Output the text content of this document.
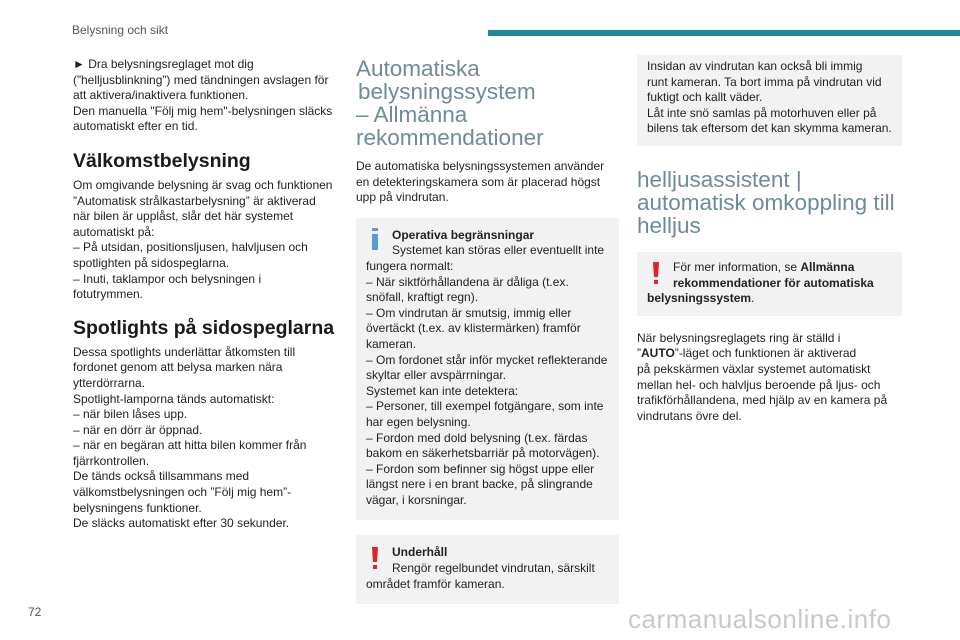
Belysning och sikt

► Dra belysningsreglaget mot dig
(”helljusblinkning”) med tändningen avslagen för
att aktivera/inaktivera funktionen.
Den manuella "Följ mig hem"-belysningen släcks
automatiskt efter en tid.

Välkomstbelysning

Om omgivande belysning är svag och funktionen
”Automatisk strålkastarbelysning” är aktiverad
när bilen är upplåst, slår det här systemet
automatiskt på:
– På utsidan, positionsljusen, halvljusen och
spotlighten på sidospeglarna.
– Inuti, taklampor och belysningen i
fotutrymmen.

Spotlights på sidospeglarna

Dessa spotlights underlättar åtkomsten till
fordonet genom att belysa marken nära
ytterdörrarna.
Spotlight-lamporna tänds automatiskt:
– när bilen låses upp.
– när en dörr är öppnad.
– när en begäran att hitta bilen kommer från
fjärrkontrollen.
De tänds också tillsammans med
välkomstbelysningen och ”Följ mig hem”-
belysningens funktioner.
De släcks automatiskt efter 30 sekunder.

Automatiska
belysningssystem
– Allmänna
rekommendationer

De automatiska belysningssystemen använder
en detekteringskamera som är placerad högst
upp på vindrutan.

Operativa begränsningar
Systemet kan störas eller eventuellt inte
fungera normalt:
– När siktförhållandena är dåliga (t.ex.
snöfall, kraftigt regn).
– Om vindrutan är smutsig, immig eller
övertäckt (t.ex. av klistermärken) framför
kameran.
– Om fordonet står inför mycket reflekterande
skyltar eller avspärrningar.
Systemet kan inte detektera:
– Personer, till exempel fotgängare, som inte
har egen belysning.
– Fordon med dold belysning (t.ex. färdas
bakom en säkerhetsbarriär på motorvägen).
– Fordon som befinner sig högst uppe eller
längst nere i en brant backe, på slingrande
vägar, i korsningar.

Underhåll
Rengör regelbundet vindrutan, särskilt
området framför kameran.

Insidan av vindrutan kan också bli immig
runt kameran. Ta bort imma på vindrutan vid
fuktigt och kallt väder.
Låt inte snö samlas på motorhuven eller på
bilens tak eftersom det kan skymma kameran.

helljusassistent |
automatisk omkoppling till
helljus

För mer information, se Allmänna
rekommendationer för automatiska
belysningssystem.

När belysningsreglagets ring är ställd i
”AUTO”-läget och funktionen är aktiverad
på pekskärmen växlar systemet automatiskt
mellan hel- och halvljus beroende på ljus- och
trafikförhållandena, med hjälp av en kamera på
vindrutans övre del.

72	carmanualsonline.info
